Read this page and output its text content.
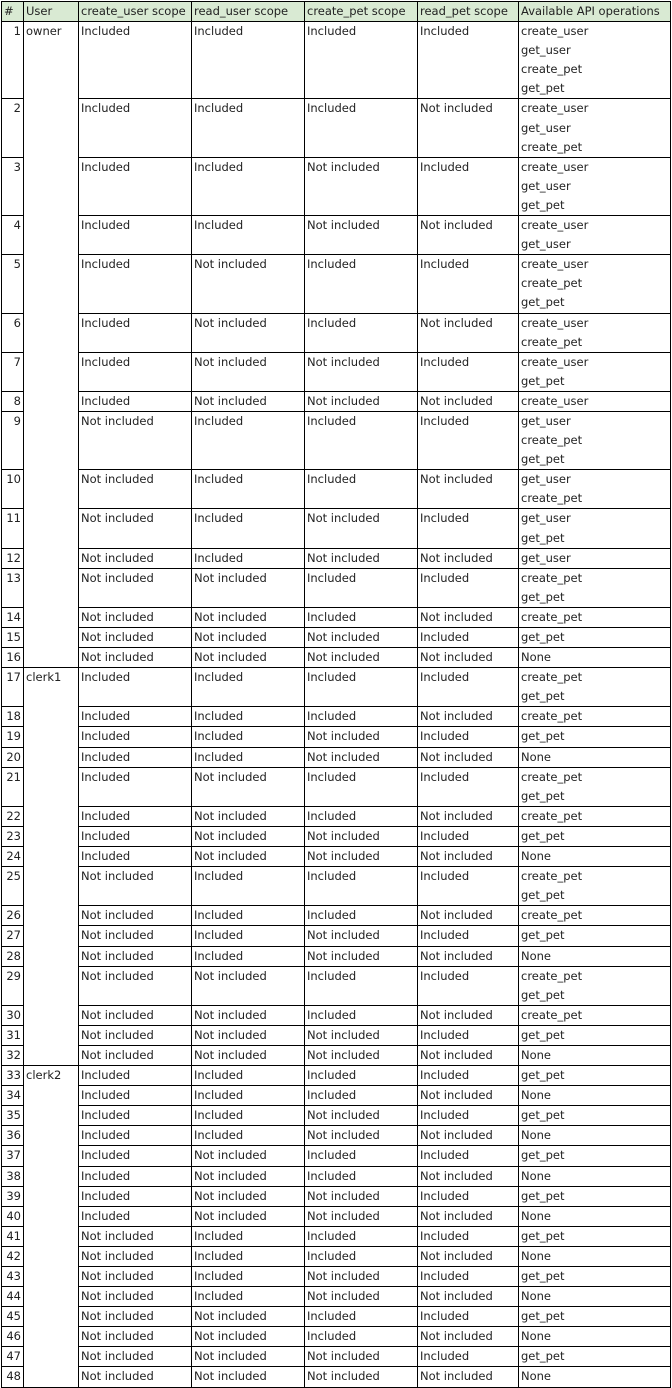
#	User	create_user scope	read_user scope	create_pet scope	read_pet scope	Available API operations
1	owner	Included	Included	Included	Included	create_user
get_user
create_pet
get_pet

2		Included	Included	Included	Not included	create_user
get_user
create_pet

3		Included	Included	Not included	Included	create_user
get_user
get_pet

4		Included	Included	Not included	Not included	create_user
get_user

5		Included	Not included	Included	Included	create_user
create_pet
get_pet

6		Included	Not included	Included	Not included	create_user
create_pet

7		Included	Not included	Not included	Included	create_user
get_pet

8		Included	Not included	Not included	Not included	create_user

9		Not included	Included	Included	Included	get_user
create_pet
get_pet

10		Not included	Included	Included	Not included	get_user
create_pet

11		Not included	Included	Not included	Included	get_user
get_pet

12		Not included	Included	Not included	Not included	get_user

13		Not included	Not included	Included	Included	create_pet
get_pet

14		Not included	Not included	Included	Not included	create_pet

15		Not included	Not included	Not included	Included	get_pet

16		Not included	Not included	Not included	Not included	None

17	clerk1	Included	Included	Included	Included	create_pet
get_pet

18		Included	Included	Included	Not included	create_pet

19		Included	Included	Not included	Included	get_pet

20		Included	Included	Not included	Not included	None

21		Included	Not included	Included	Included	create_pet
get_pet

22		Included	Not included	Included	Not included	create_pet

23		Included	Not included	Not included	Included	get_pet

24		Included	Not included	Not included	Not included	None

25		Not included	Included	Included	Included	create_pet
get_pet

26		Not included	Included	Included	Not included	create_pet

27		Not included	Included	Not included	Included	get_pet

28		Not included	Included	Not included	Not included	None

29		Not included	Not included	Included	Included	create_pet
get_pet

30		Not included	Not included	Included	Not included	create_pet

31		Not included	Not included	Not included	Included	get_pet

32		Not included	Not included	Not included	Not included	None

33	clerk2	Included	Included	Included	Included	get_pet

34		Included	Included	Included	Not included	None

35		Included	Included	Not included	Included	get_pet

36		Included	Included	Not included	Not included	None

37		Included	Not included	Included	Included	get_pet

38		Included	Not included	Included	Not included	None

39		Included	Not included	Not included	Included	get_pet

40		Included	Not included	Not included	Not included	None

41		Not included	Included	Included	Included	get_pet

42		Not included	Included	Included	Not included	None

43		Not included	Included	Not included	Included	get_pet

44		Not included	Included	Not included	Not included	None

45		Not included	Not included	Included	Included	get_pet

46		Not included	Not included	Included	Not included	None

47		Not included	Not included	Not included	Included	get_pet

48		Not included	Not included	Not included	Not included	None
